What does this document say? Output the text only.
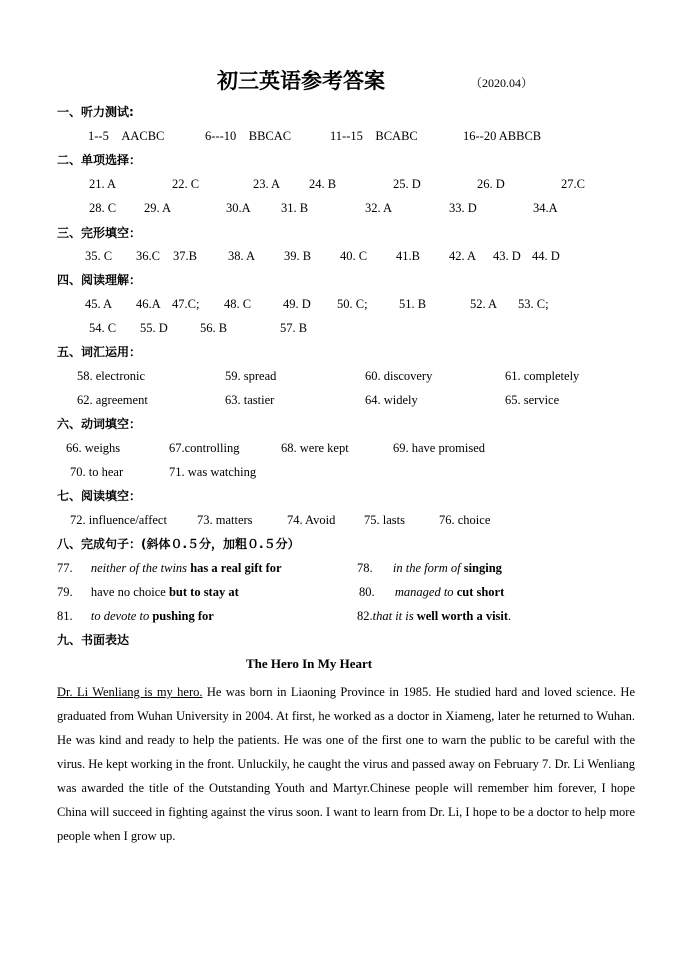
初三英语参考答案	（2020.04）
一、听力测试:
1--5　AACBC	6---10　BBCAC	11--15　BCABC	16--20 ABBCB
二、单项选择：
21. A	22. C	23. A 24. B	25. D	26. D	27.C
28. C 29. A	30.A 31. B	32. A	33. D	34.A
三、完形填空：
35. C 36.C 37.B 38. A 39. B 40. C 41.B 42. A 43. D 44. D
四、阅读理解：
45. A 46.A 47.C; 48. C	49. D 50. C;	51. B	52. A 53. C;
54. C 55. D	56. B	57. B
五、词汇运用：
58. electronic	59. spread	60. discovery	61. completely
62. agreement	63. tastier	64. widely	65. service
六、动词填空：
66. weighs	67.controlling	68. were kept	69. have promised
70. to hear	71. was watching
七、阅读填空：
72. influence/affect 73. matters	74. Avoid 75. lasts	76. choice
八、完成句子：(斜体０.５分，加粗０.５分）
77. neither of the twins has a real gift for	78. in the form of singing
79. have no choice but to stay at	80. managed to cut short
81. to devote to pushing for	82.that it is well worth a visit.
九、书面表达
The Hero In My Heart
Dr. Li Wenliang is my hero. He was born in Liaoning Province in 1985. He studied hard and loved science. He graduated from Wuhan University in 2004. At first, he worked as a doctor in Xiameng, later he returned to Wuhan. He was kind and ready to help the patients. He was one of the first one to warn the public to be careful with the virus. He kept working in the front. Unluckily, he caught the virus and passed away on February 7. Dr. Li Wenliang was awarded the title of the Outstanding Youth and Martyr.Chinese people will remember him forever, I hope China will succeed in fighting against the virus soon. I want to learn from Dr. Li, I hope to be a doctor to help more people when I grow up.
